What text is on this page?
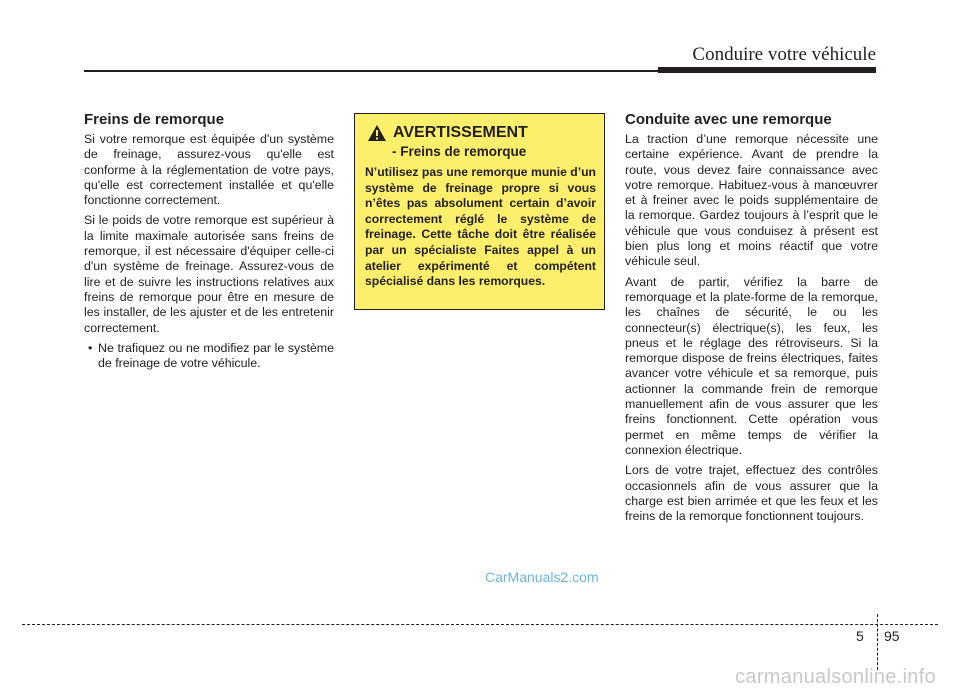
Conduire votre véhicule
Freins de remorque

Si votre remorque est équipée d'un système de freinage, assurez-vous qu'elle est conforme à la réglementation de votre pays, qu'elle est correctement installée et qu'elle fonctionne correctement.

Si le poids de votre remorque est supérieur à la limite maximale autorisée sans freins de remorque, il est nécessaire d'équiper celle-ci d'un système de freinage. Assurez-vous de lire et de suivre les instructions relatives aux freins de remorque pour être en mesure de les installer, de les ajuster et de les entretenir correctement.

• Ne trafiquez ou ne modifiez par le système de freinage de votre véhicule.
AVERTISSEMENT
- Freins de remorque

N’utilisez pas une remorque munie d’un système de freinage propre si vous n’êtes pas absolument certain d’avoir correctement réglé le système de freinage. Cette tâche doit être réalisée par un spécialiste Faites appel à un atelier expérimenté et compétent spécialisé dans les remorques.

Conduite avec une remorque

La traction d’une remorque nécessite une certaine expérience. Avant de prendre la route, vous devez faire connaissance avec votre remorque. Habituez-vous à manœuvrer et à freiner avec le poids supplémentaire de la remorque. Gardez toujours à l’esprit que le véhicule que vous conduisez à présent est bien plus long et moins réactif que votre véhicule seul.

Avant de partir, vérifiez la barre de remorquage et la plate-forme de la remorque, les chaînes de sécurité, le ou les connecteur(s) électrique(s), les feux, les pneus et le réglage des rétroviseurs. Si la remorque dispose de freins électriques, faites avancer votre véhicule et sa remorque, puis actionner la commande frein de remorque manuellement afin de vous assurer que les freins fonctionnent. Cette opération vous permet en même temps de vérifier la connexion électrique.

Lors de votre trajet, effectuez des contrôles occasionnels afin de vous assurer que la charge est bien arrimée et que les feux et les freins de la remorque fonctionnent toujours.

CarManuals2.com
5 95
carmanualsonline.info
